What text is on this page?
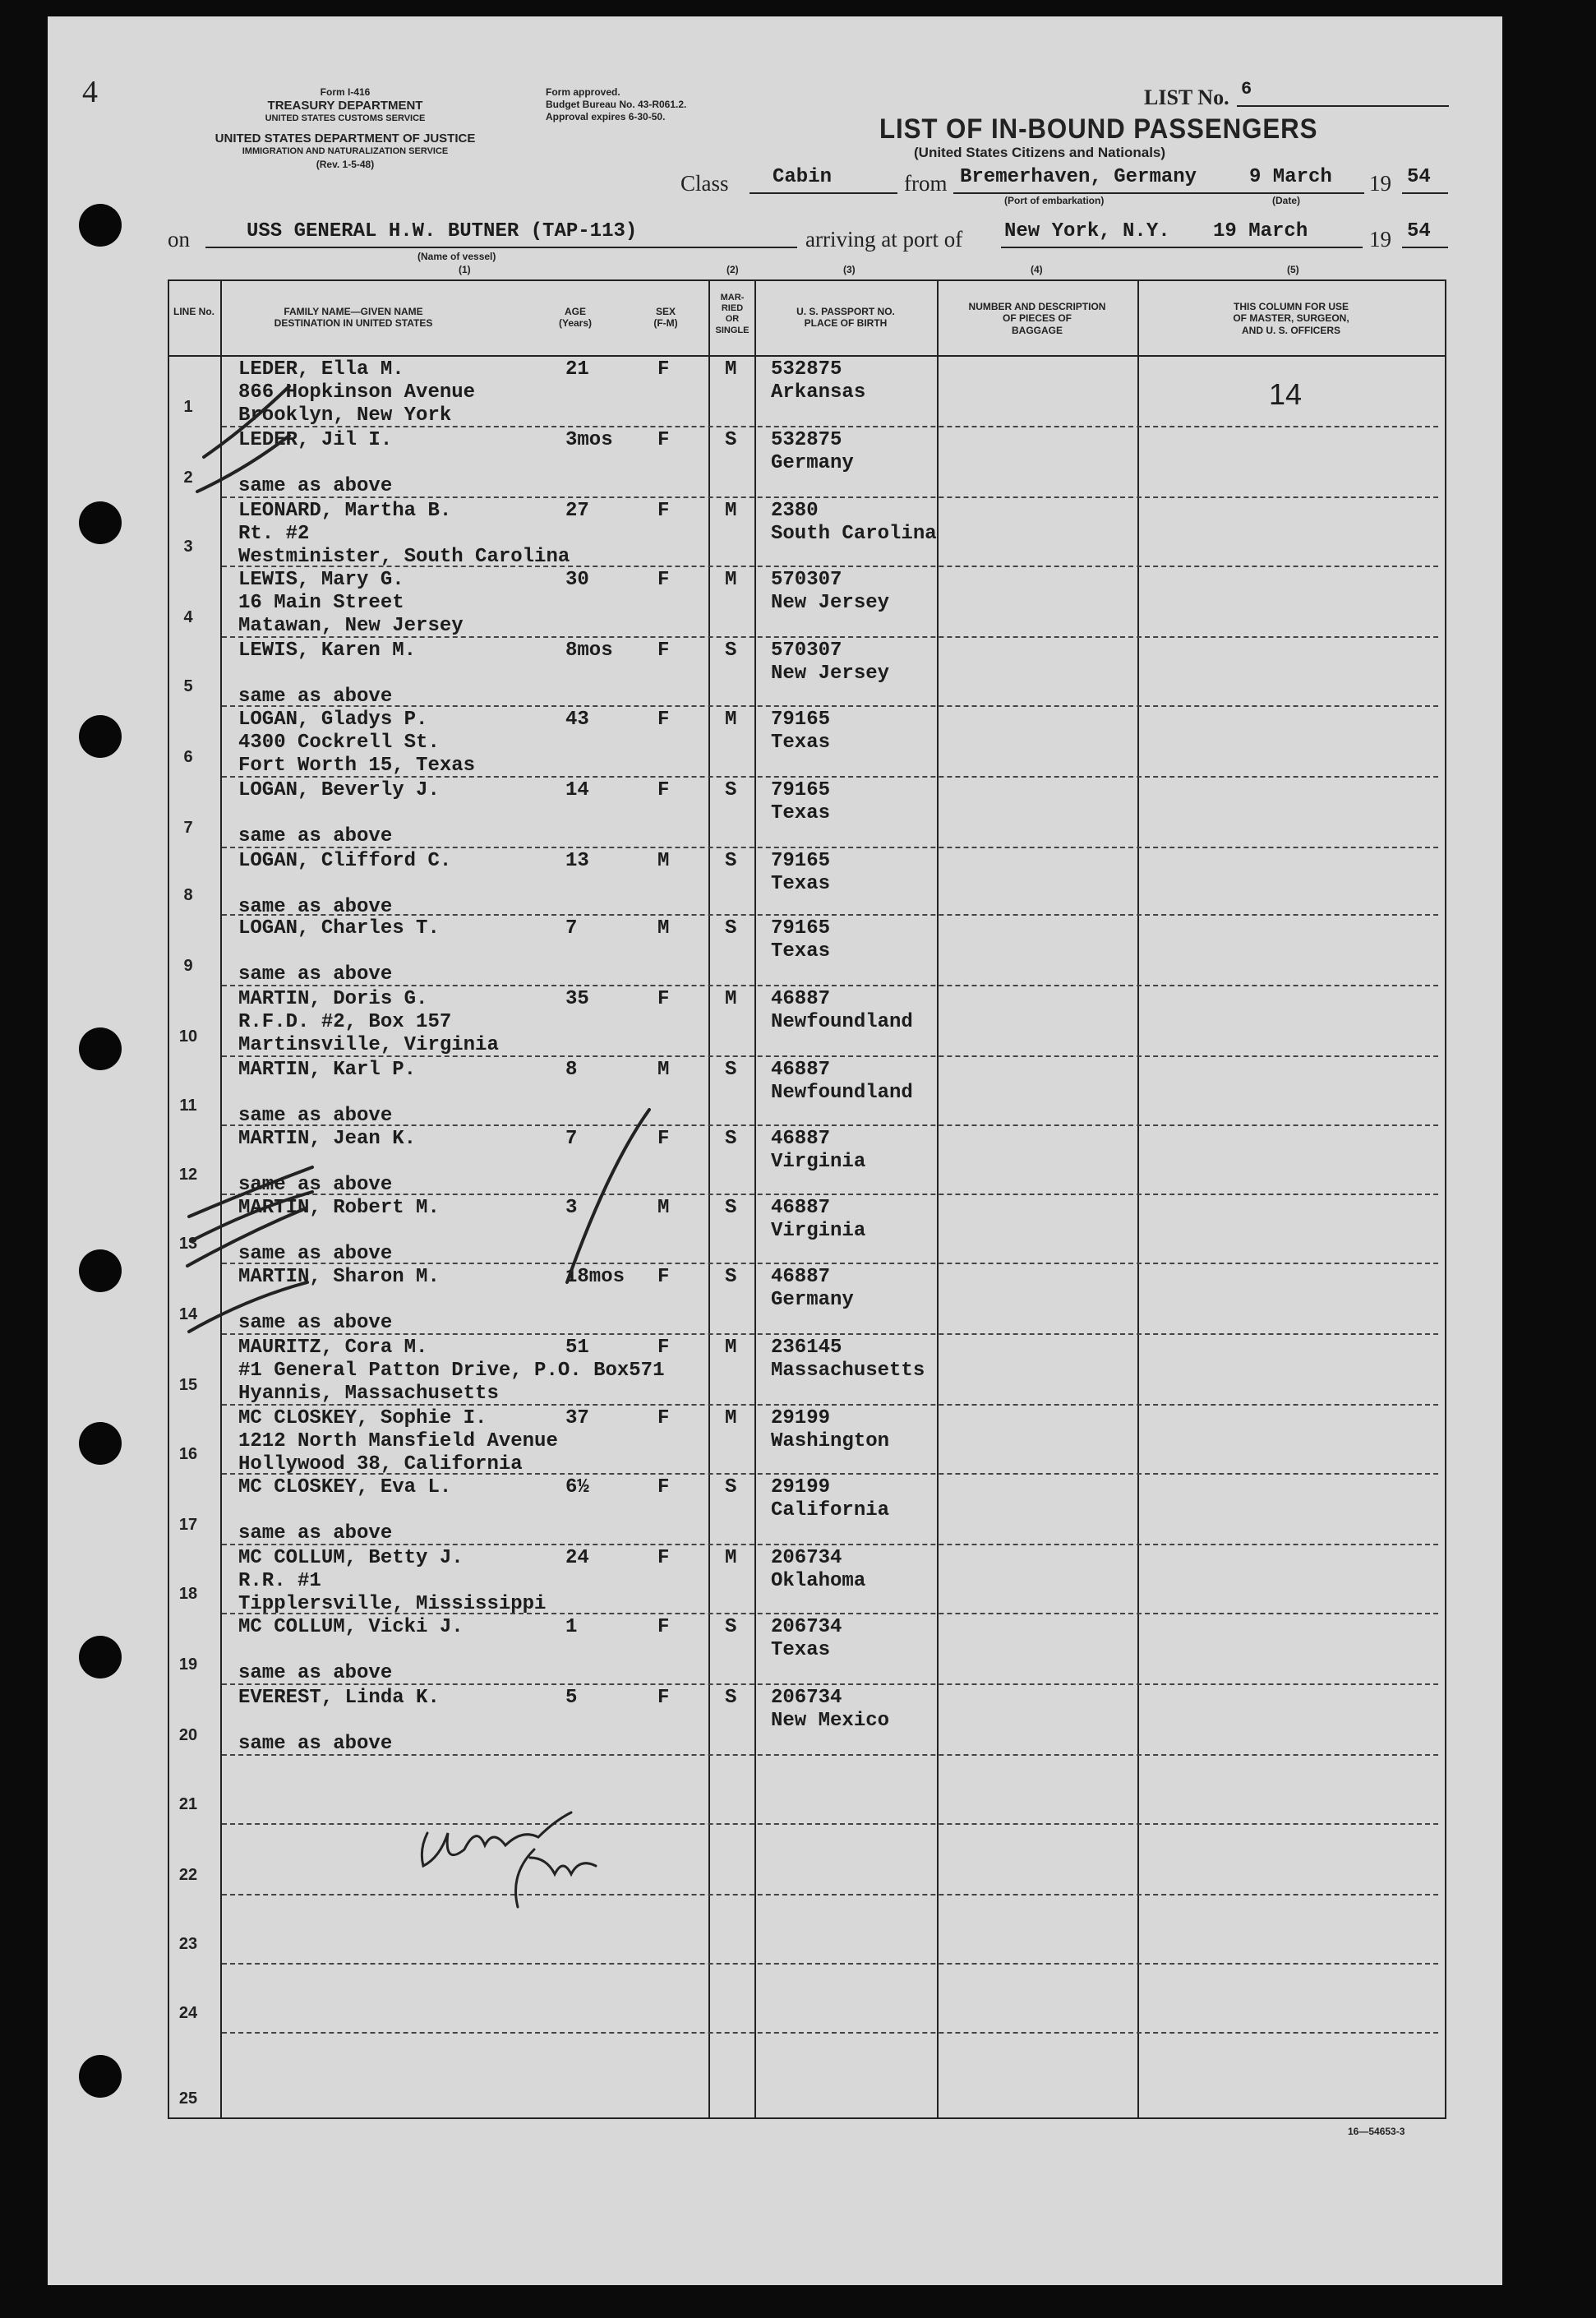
4	Form I-416
TREASURY DEPARTMENT
UNITED STATES CUSTOMS SERVICE
UNITED STATES DEPARTMENT OF JUSTICE
IMMIGRATION AND NATURALIZATION SERVICE
(Rev. 1-5-48)
Form approved.
Budget Bureau No. 43-R061.2.
Approval expires 6-30-50.
LIST No. 6
LIST OF IN-BOUND PASSENGERS
(United States Citizens and Nationals)
Class Cabin	from Bremerhaven, Germany	9 March 19 54
(Port of embarkation)	(Date)
on	USS GENERAL H.W. BUTNER (TAP-113)	arriving at port of New York, N.Y. 19 March	19 54
(Name of vessel)
(1)	(2)	(3)	(4)	(5)
LINE No.	FAMILY NAME—GIVEN NAME
DESTINATION IN UNITED STATES
AGE
(Years)
SEX
(F-M)
MAR-
RIED
OR
SINGLE
U. S. PASSPORT NO.
PLACE OF BIRTH
NUMBER AND DESCRIPTION
OF PIECES OF
BAGGAGE
THIS COLUMN FOR USE
OF MASTER, SURGEON,
AND U. S. OFFICERS
14
1
LEDER, Ella M.
866 Hopkinson Avenue
Brooklyn, New York
21	F	M 532875
Arkansas
2
LEDER, Jil I.

same as above
3mos F	S 532875
Germany
3
LEONARD, Martha B.
Rt. #2
Westminister, South Carolina
27	F	M 2380
South Carolina
4
LEWIS, Mary G.
16 Main Street
Matawan, New Jersey
30	F	M 570307
New Jersey
5
LEWIS, Karen M.

same as above
8mos F	S 570307
New Jersey
6
LOGAN, Gladys P.
4300 Cockrell St.
Fort Worth 15, Texas
43	F	M 79165
Texas
7
LOGAN, Beverly J.

same as above
14	F	S 79165
Texas
8
LOGAN, Clifford C.

same as above
13	M	S 79165
Texas
9
LOGAN, Charles T.

same as above
7	M	S 79165
Texas
10
MARTIN, Doris G.
R.F.D. #2, Box 157
Martinsville, Virginia
35	F	M 46887
Newfoundland
11
MARTIN, Karl P.

same as above
8	M	S 46887
Newfoundland
12
MARTIN, Jean K.

same as above
7	F	S 46887
Virginia
13
MARTIN, Robert M.

same as above
3	M	S 46887
Virginia
14
MARTIN, Sharon M.

same as above
18mos F	S 46887
Germany
15
MAURITZ, Cora M.
#1 General Patton Drive, P.O. Box571
Hyannis, Massachusetts
51	F	M 236145
Massachusetts
16
MC CLOSKEY, Sophie I.
1212 North Mansfield Avenue
Hollywood 38, California
37	F	M 29199
Washington
17
MC CLOSKEY, Eva L.

same as above
6½	F	S 29199
California
18
MC COLLUM, Betty J.
R.R. #1
Tipplersville, Mississippi
24	F	M 206734
Oklahoma
19
MC COLLUM, Vicki J.

same as above
1	F	S 206734
Texas
20
EVEREST, Linda K.

same as above
5	F	S 206734
New Mexico
21
22
23
24
25
16—54653-3
